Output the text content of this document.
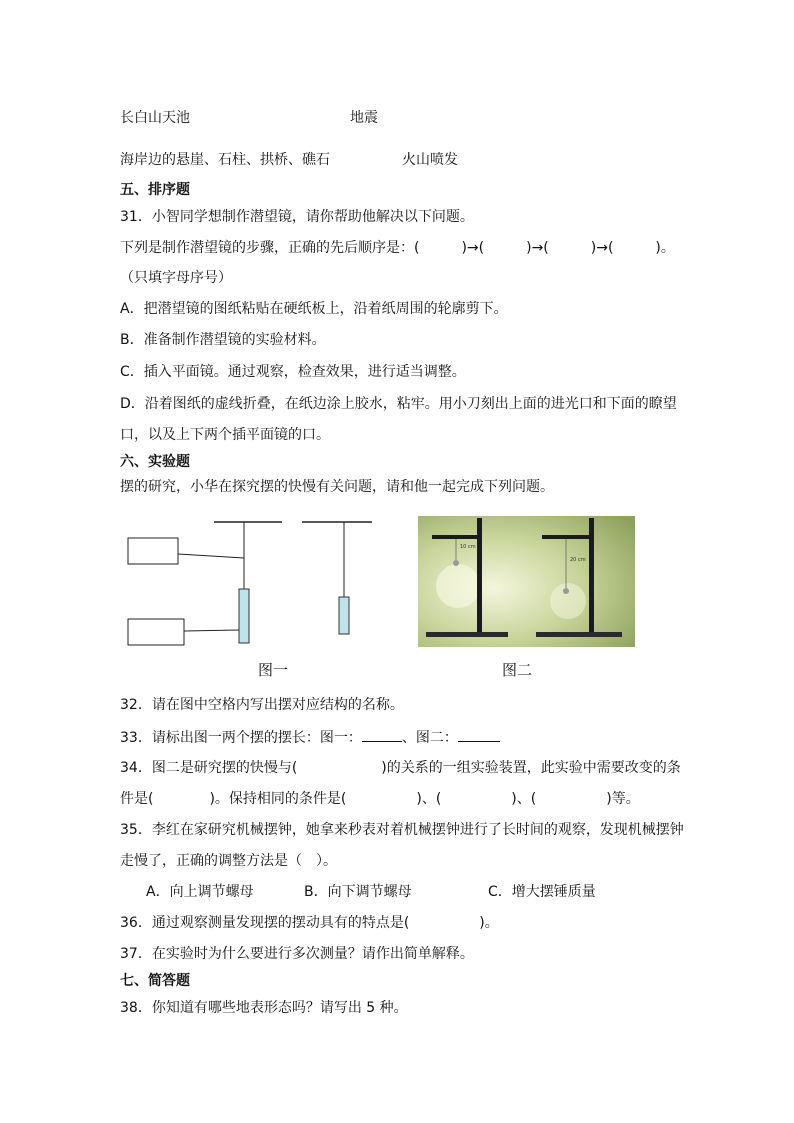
长白山天池	地震
海岸边的悬崖、石柱、拱桥、礁石	火山喷发
五、排序题
31．小智同学想制作潜望镜，请你帮助他解决以下问题。
下列是制作潜望镜的步骤，正确的先后顺序是：(　　　)→(　　　)→(　　　)→(　　　)。
（只填字母序号）
A．把潜望镜的图纸粘贴在硬纸板上，沿着纸周围的轮廓剪下。
B．准备制作潜望镜的实验材料。
C．插入平面镜。通过观察，检查效果，进行适当调整。
D．沿着图纸的虚线折叠，在纸边涂上胶水，粘牢。用小刀刻出上面的进光口和下面的瞭望
口，以及上下两个插平面镜的口。
六、实验题
摆的研究，小华在探究摆的快慢有关问题，请和他一起完成下列问题。
图一
10 cm
20 cm
图二
32．请在图中空格内写出摆对应结构的名称。
33．请标出图一两个摆的摆长：图一：	、图二：
34．图二是研究摆的快慢与(　　　　　　)的关系的一组实验装置，此实验中需要改变的条
件是(　　　　)。保持相同的条件是(　　　　　)、(　　　　　)、(　　　　　)等。
35．李红在家研究机械摆钟，她拿来秒表对着机械摆钟进行了长时间的观察，发现机械摆钟
走慢了，正确的调整方法是（　）。
A．向上调节螺母	B．向下调节螺母	C．增大摆锤质量
36．通过观察测量发现摆的摆动具有的特点是(　　　　　)。
37．在实验时为什么要进行多次测量？请作出简单解释。
七、简答题
38．你知道有哪些地表形态吗？请写出 5 种。
